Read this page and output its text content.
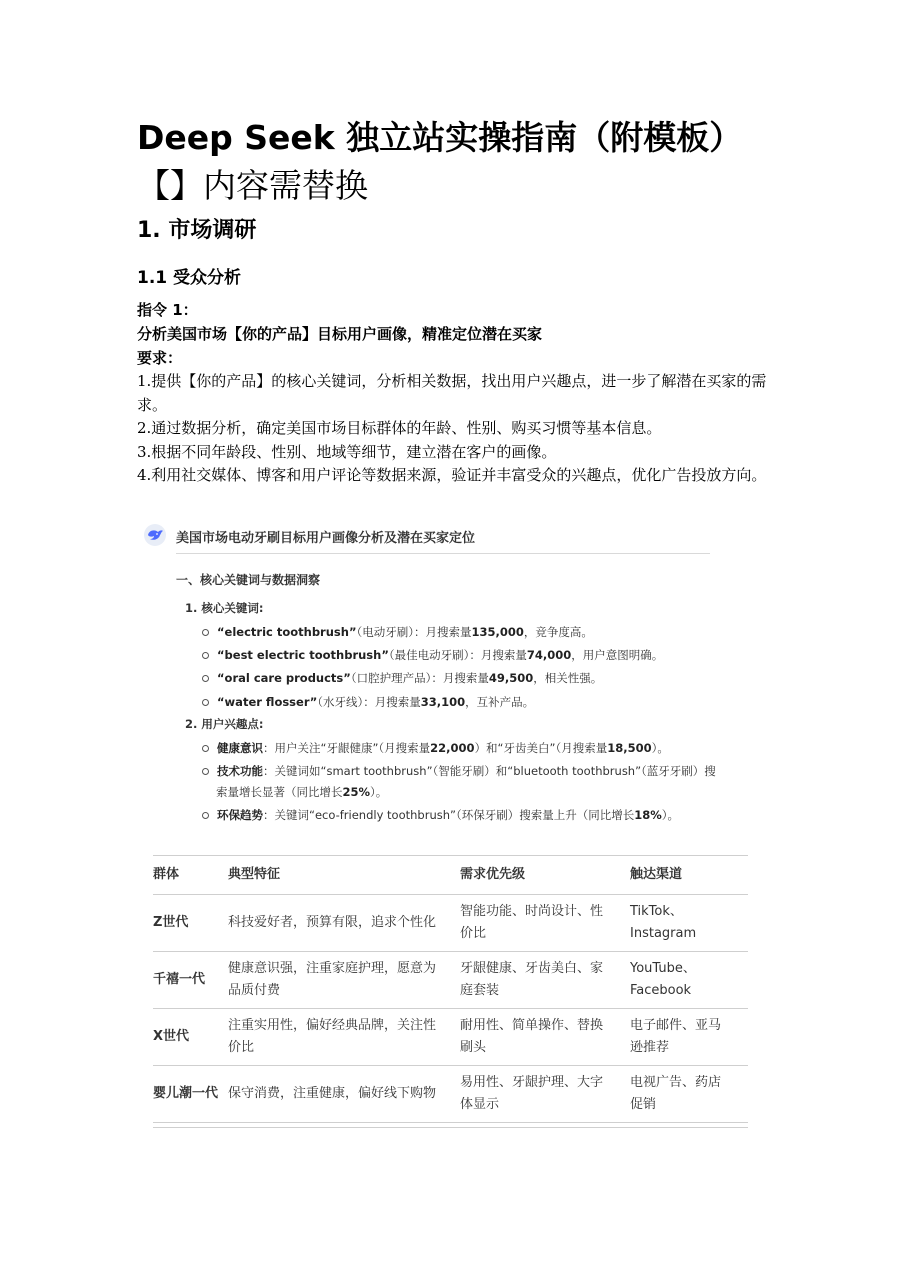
Deep Seek 独立站实操指南（附模板）
【】内容需替换
1. 市场调研
1.1 受众分析
指令 1：
分析美国市场【你的产品】目标用户画像，精准定位潜在买家
要求：

1.提供【你的产品】的核心关键词，分析相关数据，找出用户兴趣点，进一步了解潜在买家的需求。

2.通过数据分析，确定美国市场目标群体的年龄、性别、购买习惯等基本信息。

3.根据不同年龄段、性别、地域等细节，建立潜在客户的画像。

4.利用社交媒体、博客和用户评论等数据来源，验证并丰富受众的兴趣点，优化广告投放方向。

美国市场电动牙刷目标用户画像分析及潜在买家定位
一、核心关键词与数据洞察
1. 核心关键词:
“electric toothbrush”（电动牙刷）：月搜索量135,000，竞争度高。
“best electric toothbrush”（最佳电动牙刷）：月搜索量74,000，用户意图明确。
“oral care products”（口腔护理产品）：月搜索量49,500，相关性强。
“water flosser”（水牙线）：月搜索量33,100，互补产品。
2. 用户兴趣点:
健康意识：用户关注“牙龈健康”（月搜索量22,000）和“牙齿美白”（月搜索量18,500）。
技术功能：关键词如“smart toothbrush”（智能牙刷）和“bluetooth toothbrush”（蓝牙牙刷）搜
索量增长显著（同比增长25%）。
环保趋势：关键词“eco-friendly toothbrush”（环保牙刷）搜索量上升（同比增长18%）。
群体	典型特征	需求优先级	触达渠道
Z世代	科技爱好者，预算有限，追求个性化	智能功能、时尚设计、性价比	TikTok、Instagram
千禧一代	健康意识强，注重家庭护理，愿意为品质付费	牙龈健康、牙齿美白、家庭套装	YouTube、Facebook
X世代	注重实用性，偏好经典品牌，关注性价比	耐用性、简单操作、替换刷头	电子邮件、亚马逊推荐
婴儿潮一代	保守消费，注重健康，偏好线下购物	易用性、牙龈护理、大字体显示	电视广告、药店促销
